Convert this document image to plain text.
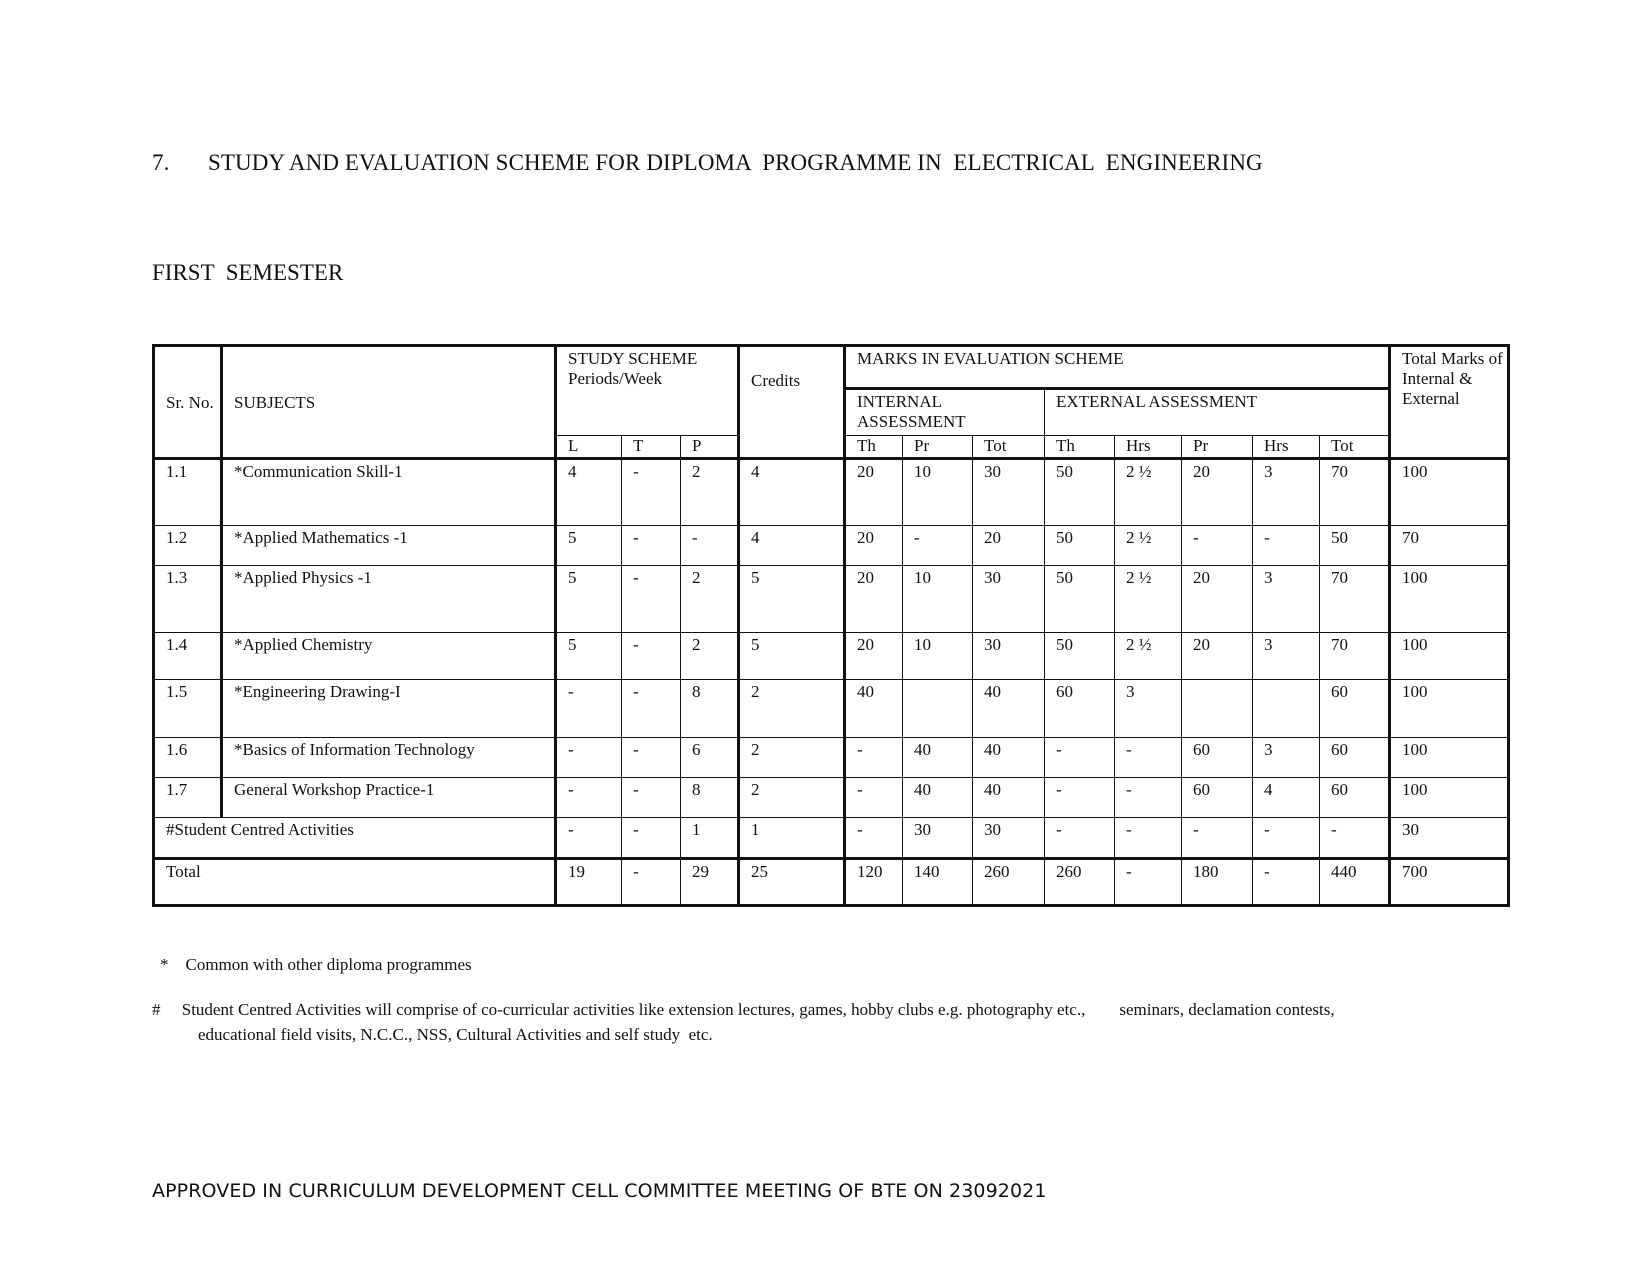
7. STUDY AND EVALUATION SCHEME FOR DIPLOMA  PROGRAMME IN  ELECTRICAL  ENGINEERING
FIRST  SEMESTER
Sr. No.	SUBJECTS	STUDY SCHEME Periods/Week			Credits	MARKS IN EVALUATION SCHEME								Total Marks of Internal & External
						INTERNAL ASSESSMENT			EXTERNAL ASSESSMENT					
		L	T	P		Th	Pr	Tot	Th	Hrs	Pr	Hrs	Tot	
1.1	*Communication Skill-1	4	-	2	4	20	10	30	50	2 ½	20	3	70	100
1.2	*Applied Mathematics -1	5	-	-	4	20	-	20	50	2 ½	-	-	50	70
1.3	*Applied Physics -1	5	-	2	5	20	10	30	50	2 ½	20	3	70	100
1.4	*Applied Chemistry	5	-	2	5	20	10	30	50	2 ½	20	3	70	100
1.5	*Engineering Drawing-I	-	-	8	2	40		40	60	3			60	100
1.6	*Basics of Information Technology	-	-	6	2	-	40	40	-	-	60	3	60	100
1.7	General Workshop Practice-1	-	-	8	2	-	40	40	-	-	60	4	60	100
#Student Centred Activities		-	-	1	1	-	30	30	-	-	-	-	-	30
Total		19	-	29	25	120	140	260	260	-	180	-	440	700
*    Common with other diploma programmes
#     Student Centred Activities will comprise of co-curricular activities like extension lectures, games, hobby clubs e.g. photography etc.,        seminars, declamation contests,
educational field visits, N.C.C., NSS, Cultural Activities and self study  etc.
APPROVED IN CURRICULUM DEVELOPMENT CELL COMMITTEE MEETING OF BTE ON 23092021
